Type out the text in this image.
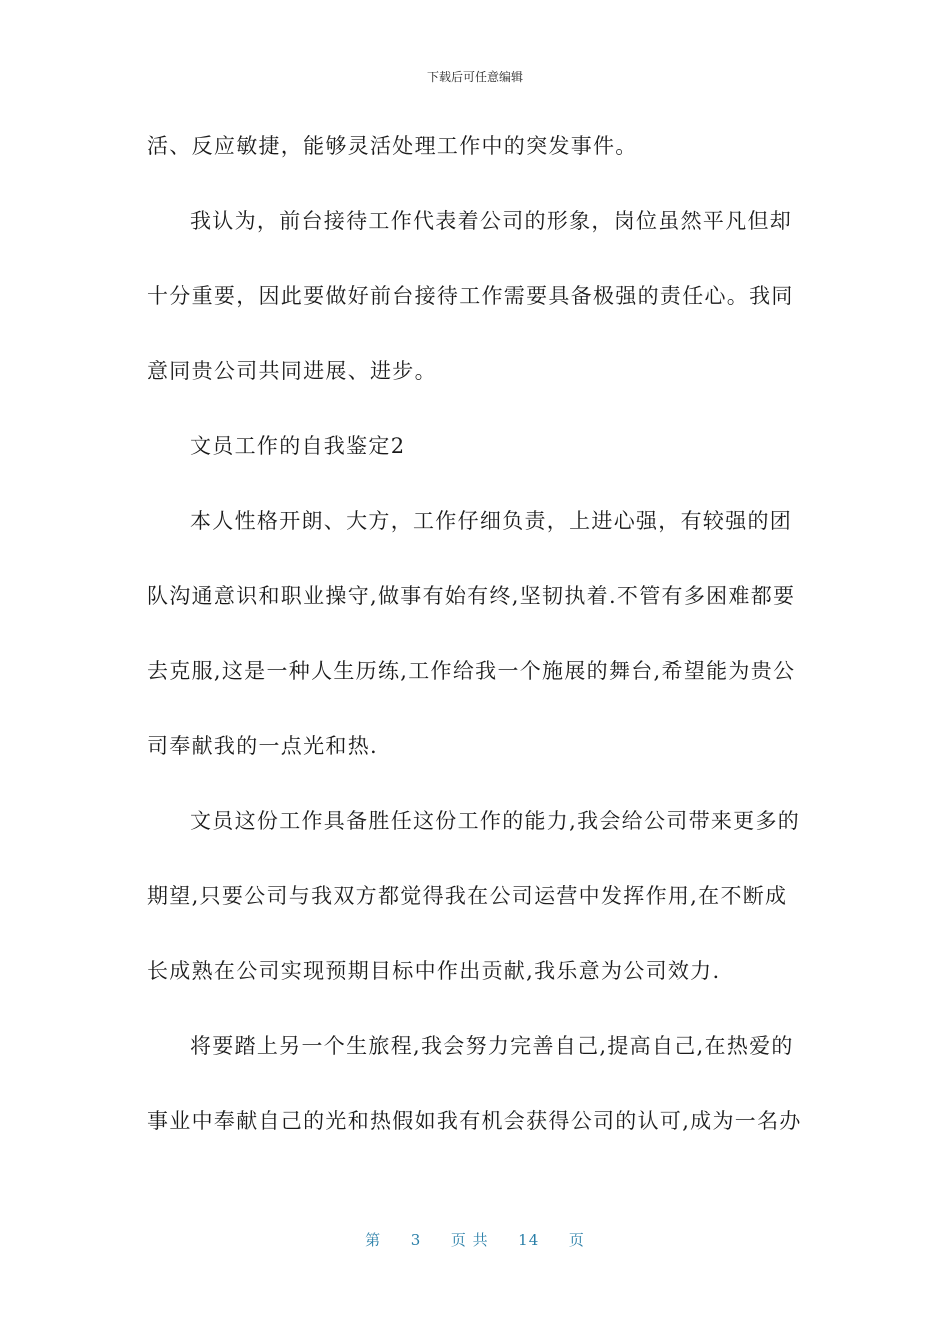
下载后可任意编辑
活、反应敏捷，能够灵活处理工作中的突发事件。
我认为，前台接待工作代表着公司的形象，岗位虽然平凡但却
十分重要，因此要做好前台接待工作需要具备极强的责任心。我同
意同贵公司共同进展、进步。
文员工作的自我鉴定2
本人性格开朗、大方，工作仔细负责，上进心强，有较强的团
队沟通意识和职业操守,做事有始有终,坚韧执着.不管有多困难都要
去克服,这是一种人生历练,工作给我一个施展的舞台,希望能为贵公
司奉献我的一点光和热.
文员这份工作具备胜任这份工作的能力,我会给公司带来更多的
期望,只要公司与我双方都觉得我在公司运营中发挥作用,在不断成
长成熟在公司实现预期目标中作出贡献,我乐意为公司效力.
将要踏上另一个生旅程,我会努力完善自己,提高自己,在热爱的
事业中奉献自己的光和热假如我有机会获得公司的认可,成为一名办
第 3 页 共 14 页
